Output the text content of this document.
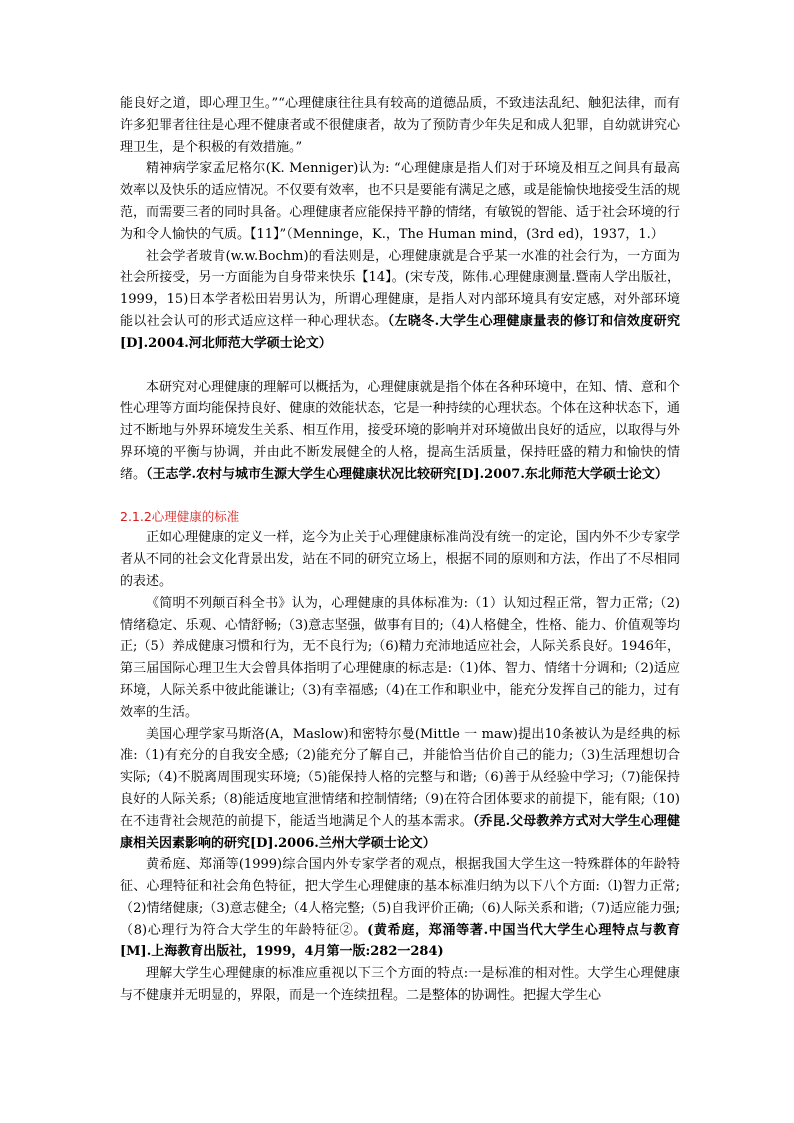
能良好之道，即心理卫生。”“心理健康往往具有较高的道德品质，不致违法乱纪、触犯法律，而有许多犯罪者往往是心理不健康者或不很健康者，故为了预防青少年失足和成人犯罪，自幼就讲究心理卫生，是个积极的有效措施。”

精神病学家孟尼格尔(K. Menniger)认为: “心理健康是指人们对于环境及相互之间具有最高效率以及快乐的适应情况。不仅要有效率，也不只是要能有满足之感，或是能愉快地接受生活的规范，而需要三者的同时具备。心理健康者应能保持平静的情绪，有敏锐的智能、适于社会环境的行为和令人愉快的气质。【11】”（Menninge，K.，The Human mind，(3rd ed)，1937，1.）

社会学者玻肯(w.w.Bochm)的看法则是，心理健康就是合乎某一水准的社会行为，一方面为社会所接受，另一方面能为自身带来快乐【14】。(宋专茂，陈伟.心理健康测量.暨南人学出版社，1999，15)日本学者松田岩男认为，所谓心理健康，是指人对内部环境具有安定感，对外部环境能以社会认可的形式适应这样一种心理状态。（左晓冬.大学生心理健康量表的修订和信效度研究[D].2004.河北师范大学硕士论文）

本研究对心理健康的理解可以概括为，心理健康就是指个体在各种环境中，在知、情、意和个性心理等方面均能保持良好、健康的效能状态，它是一种持续的心理状态。个体在这种状态下，通过不断地与外界环境发生关系、相互作用，接受环境的影响并对环境做出良好的适应，以取得与外界环境的平衡与协调，并由此不断发展健全的人格，提高生活质量，保持旺盛的精力和愉快的情绪。（王志学.农村与城市生源大学生心理健康状况比较研究[D].2007.东北师范大学硕士论文）

2.1.2心理健康的标准

正如心理健康的定义一样，迄今为止关于心理健康标准尚没有统一的定论，国内外不少专家学者从不同的社会文化背景出发，站在不同的研究立场上，根据不同的原则和方法，作出了不尽相同的表述。

《简明不列颠百科全书》认为，心理健康的具体标准为:（1）认知过程正常，智力正常;（2)情绪稳定、乐观、心情舒畅;（3)意志坚强，做事有目的;（4)人格健全，性格、能力、价值观等均正;（5）养成健康习惯和行为，无不良行为;（6)精力充沛地适应社会，人际关系良好。1946年，第三届国际心理卫生大会曾具体指明了心理健康的标志是:（1)体、智力、情绪十分调和;（2)适应环境，人际关系中彼此能谦让;（3)有幸福感;（4)在工作和职业中，能充分发挥自己的能力，过有效率的生活。

美国心理学家马斯洛(A，Maslow)和密特尔曼(Mittle 一 maw)提出10条被认为是经典的标准:（1)有充分的自我安全感;（2)能充分了解自己，并能恰当估价自己的能力;（3)生活理想切合实际;（4)不脱离周围现实环境;（5)能保持人格的完整与和谐;（6)善于从经验中学习;（7)能保持良好的人际关系;（8)能适度地宣泄情绪和控制情绪;（9)在符合团体要求的前提下，能有限;（10)在不违背社会规范的前提下，能适当地满足个人的基本需求。（乔昆.父母教养方式对大学生心理健康相关因素影响的研究[D].2006.兰州大学硕士论文）

黄希庭、郑涌等(1999)综合国内外专家学者的观点，根据我国大学生这一特殊群体的年龄特征、心理特征和社会角色特征，把大学生心理健康的基本标准归纳为以下八个方面:（l)智力正常;（2)情绪健康;（3)意志健全;（4人格完整;（5)自我评价正确;（6)人际关系和谐;（7)适应能力强;（8)心理行为符合大学生的年龄特征②。(黄希庭，郑涌等著.中国当代大学生心理特点与教育[M].上海教育出版社，1999，4月第一版:282一284)

理解大学生心理健康的标准应重视以下三个方面的特点:一是标准的相对性。大学生心理健康与不健康并无明显的，界限，而是一个连续扭程。二是整体的协调性。把握大学生心
